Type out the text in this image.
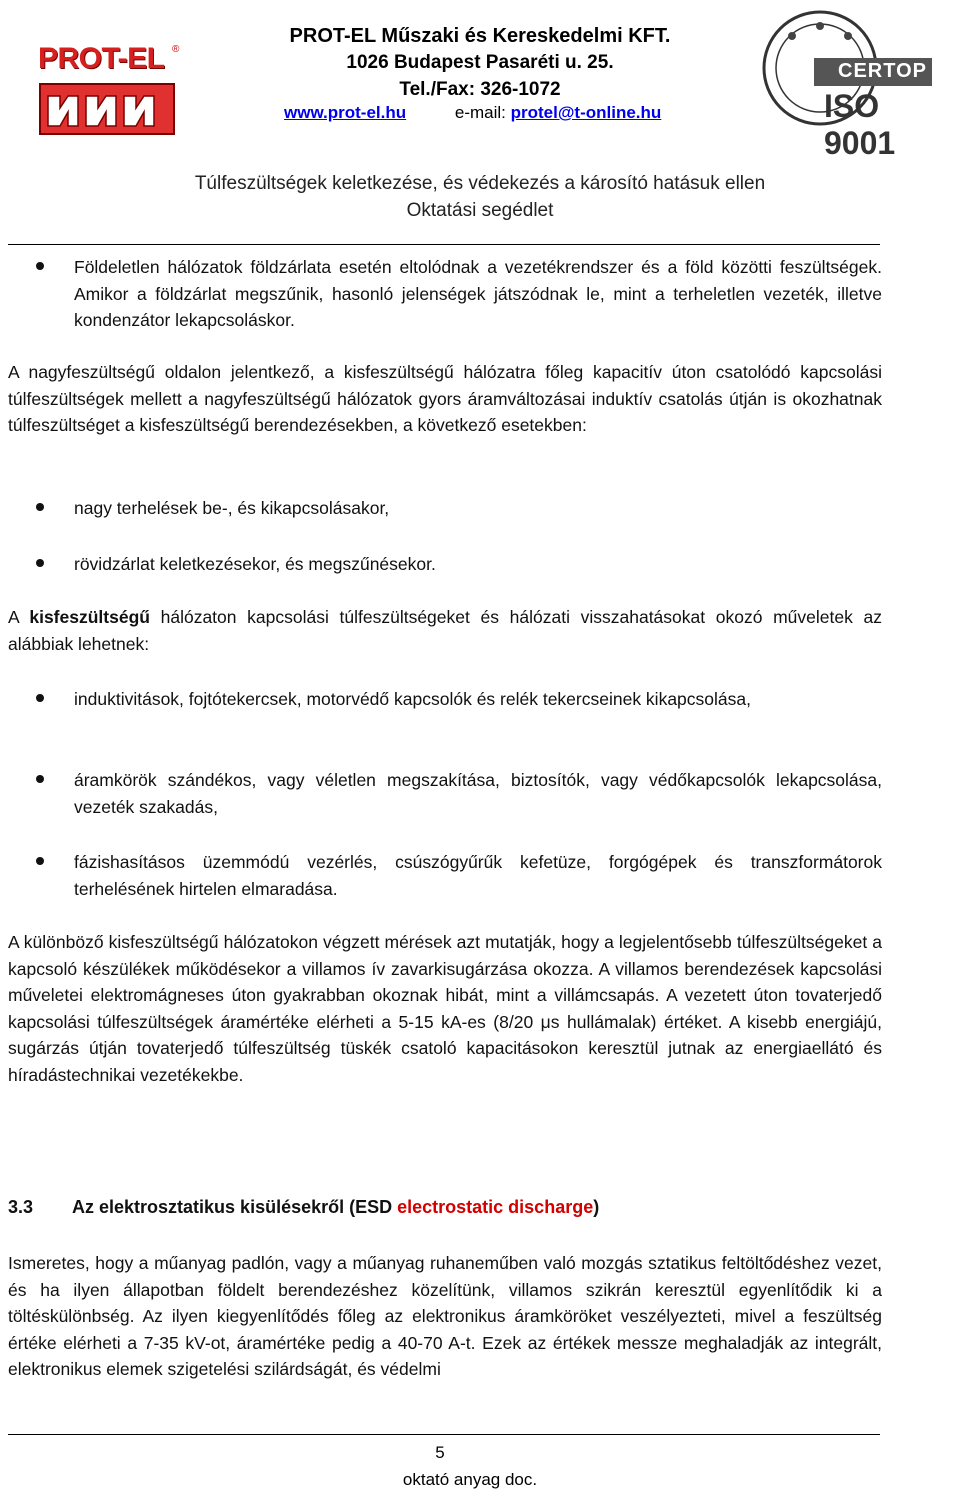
PROT-EL ®
PROT-EL Műszaki és Kereskedelmi KFT.
1026 Budapest Pasaréti u. 25.
Tel./Fax: 326-1072
www.prot-el.hu	e-mail: protel@t-online.hu
CERTOP
ISO 9001
Túlfeszültségek keletkezése, és védekezés a károsító hatásuk ellen
Oktatási segédlet
Földeletlen hálózatok földzárlata esetén eltolódnak a vezetékrendszer és a föld közötti feszültségek. Amikor a földzárlat megszűnik, hasonló jelenségek játszódnak le, mint a terheletlen vezeték, illetve kondenzátor lekapcsoláskor.
A nagyfeszültségű oldalon jelentkező, a kisfeszültségű hálózatra főleg kapacitív úton csatolódó kapcsolási túlfeszültségek mellett a nagyfeszültségű hálózatok gyors áramváltozásai induktív csatolás útján is okozhatnak túlfeszültséget a kisfeszültségű berendezésekben, a következő esetekben:
nagy terhelések be-, és kikapcsolásakor,
rövidzárlat keletkezésekor, és megszűnésekor.
A kisfeszültségű hálózaton kapcsolási túlfeszültségeket és hálózati visszahatásokat okozó műveletek az alábbiak lehetnek:
induktivitások, fojtótekercsek, motorvédő kapcsolók és relék tekercseinek kikapcsolása,
áramkörök szándékos, vagy véletlen megszakítása, biztosítók, vagy védőkapcsolók lekapcsolása, vezeték szakadás,
fázishasításos üzemmódú vezérlés, csúszógyűrűk kefetüze, forgógépek és transzformátorok terhelésének hirtelen elmaradása.
A különböző kisfeszültségű hálózatokon végzett mérések azt mutatják, hogy a legjelentősebb túlfeszültségeket a kapcsoló készülékek működésekor a villamos ív zavarkisugárzása okozza. A villamos berendezések kapcsolási műveletei elektromágneses úton gyakrabban okoznak hibát, mint a villámcsapás. A vezetett úton tovaterjedő kapcsolási túlfeszültségek áramértéke elérheti a 5-15 kA-es (8/20 μs hullámalak) értéket. A kisebb energiájú, sugárzás útján tovaterjedő túlfeszültség tüskék csatoló kapacitásokon keresztül jutnak az energiaellátó és híradástechnikai vezetékekbe.
3.3 Az elektrosztatikus kisülésekről (ESD electrostatic discharge)
Ismeretes, hogy a műanyag padlón, vagy a műanyag ruhaneműben való mozgás sztatikus feltöltődéshez vezet, és ha ilyen állapotban földelt berendezéshez közelítünk, villamos szikrán keresztül egyenlítődik ki a töltéskülönbség. Az ilyen kiegyenlítődés főleg az elektronikus áramköröket veszélyezteti, mivel a feszültség értéke elérheti a 7-35 kV-ot, áramértéke pedig a 40-70 A-t. Ezek az értékek messze meghaladják az integrált, elektronikus elemek szigetelési szilárdságát, és védelmi
5
oktató anyag doc.
